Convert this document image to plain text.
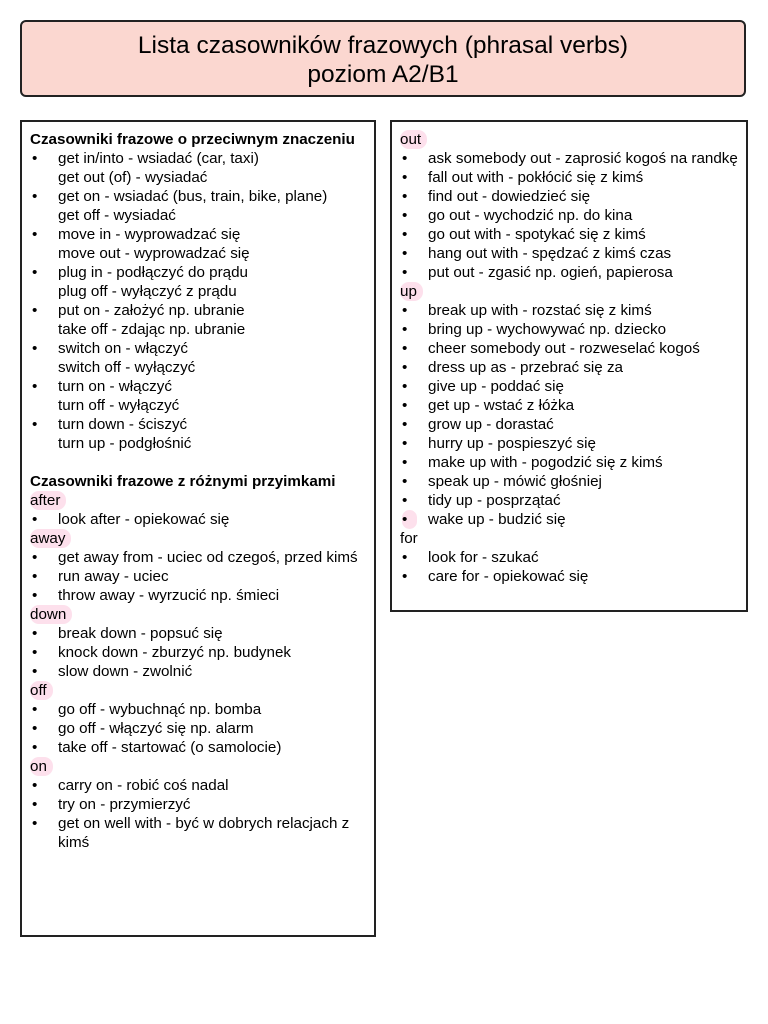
Lista czasowników frazowych (phrasal verbs)
poziom A2/B1
Czasowniki frazowe o przeciwnym znaczeniu
• get in/into - wsiadać (car, taxi)
get out (of) - wysiadać
• get on - wsiadać (bus, train, bike, plane)
get off - wysiadać
• move in - wyprowadzać się
move out - wyprowadzać się
• plug in - podłączyć do prądu
plug off - wyłączyć z prądu
• put on - założyć np. ubranie
take off - zdając np. ubranie
• switch on - włączyć
switch off - wyłączyć
• turn on - włączyć
turn off - wyłączyć
• turn down - ściszyć
turn up - podgłośnić
Czasowniki frazowe z różnymi przyimkami
after
• look after - opiekować się
away
• get away from - uciec od czegoś, przed kimś
• run away - uciec
• throw away - wyrzucić np. śmieci
down
• break down - popsuć się
• knock down - zburzyć np. budynek
• slow down - zwolnić
off
• go off - wybuchnąć np. bomba
• go off - włączyć się np. alarm
• take off - startować (o samolocie)
on
• carry on - robić coś nadal
• try on - przymierzyć
• get on well with - być w dobrych relacjach z kimś
out
• ask somebody out - zaprosić kogoś na randkę
• fall out with - pokłócić się z kimś
• find out - dowiedzieć się
• go out - wychodzić np. do kina
• go out with - spotykać się z kimś
• hang out with - spędzać z kimś czas
• put out - zgasić np. ogień, papierosa
up
• break up with - rozstać się z kimś
• bring up - wychowywać np. dziecko
• cheer somebody out - rozweselać kogoś
• dress up as - przebrać się za
• give up - poddać się
• get up - wstać z łóżka
• grow up - dorastać
• hurry up - pospieszyć się
• make up with - pogodzić się z kimś
• speak up - mówić głośniej
• tidy up - posprzątać
•	wake up - budzić się
for
• look for - szukać
• care for - opiekować się
